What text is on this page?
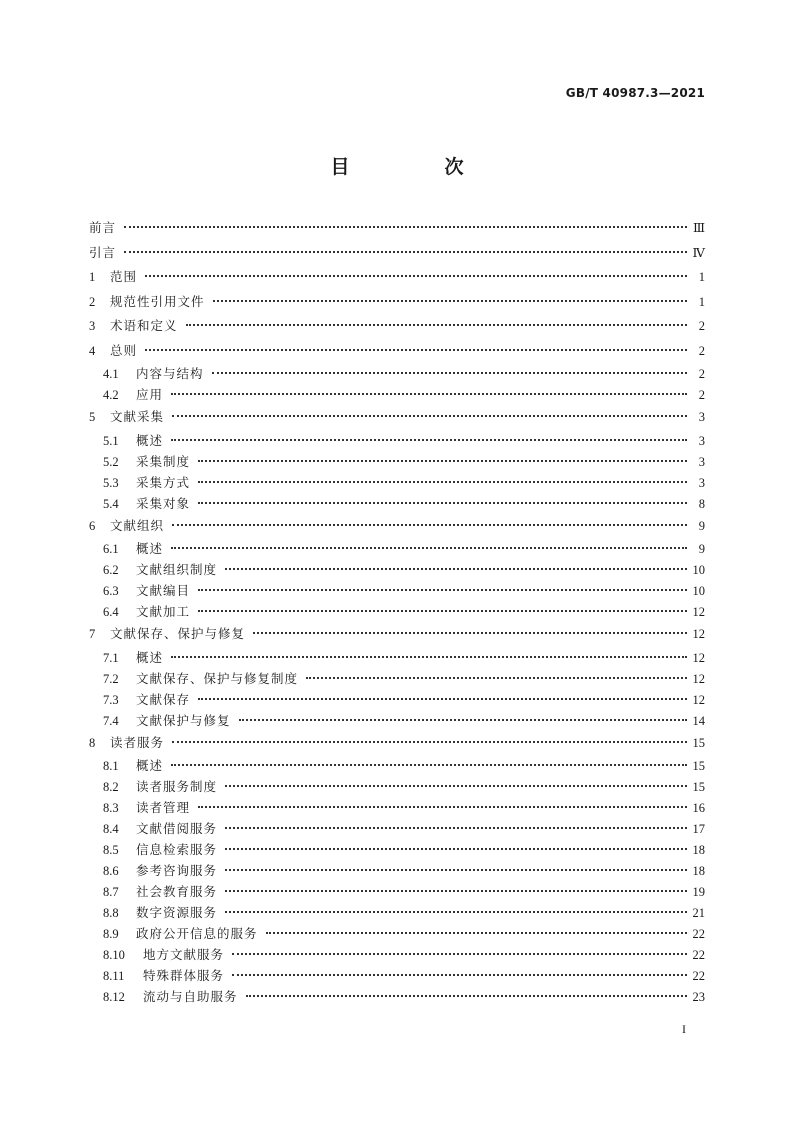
GB/T 40987.3—2021
目　次
前言	Ⅲ
引言	Ⅳ
1	范围	1
2	规范性引用文件	1
3	术语和定义	2
4	总则	2
4.1	内容与结构	2
4.2	应用	2
5	文献采集	3
5.1	概述	3
5.2	采集制度	3
5.3	采集方式	3
5.4	采集对象	8
6	文献组织	9
6.1	概述	9
6.2	文献组织制度	10
6.3	文献编目	10
6.4	文献加工	12
7	文献保存、保护与修复	12
7.1	概述	12
7.2	文献保存、保护与修复制度	12
7.3	文献保存	12
7.4	文献保护与修复	14
8	读者服务	15
8.1	概述	15
8.2	读者服务制度	15
8.3	读者管理	16
8.4	文献借阅服务	17
8.5	信息检索服务	18
8.6	参考咨询服务	18
8.7	社会教育服务	19
8.8	数字资源服务	21
8.9	政府公开信息的服务	22
8.10	地方文献服务	22
8.11	特殊群体服务	22
8.12	流动与自助服务	23
I
